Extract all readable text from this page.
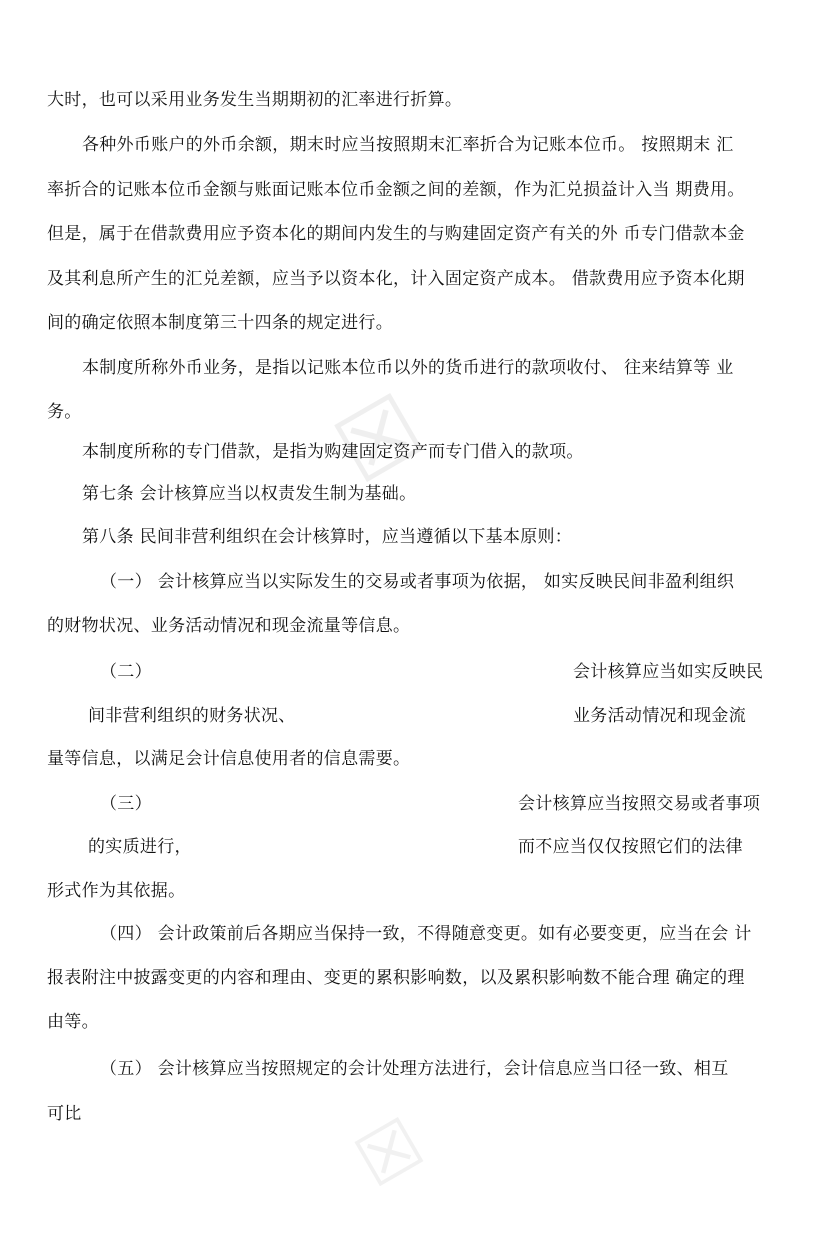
☒
☒
大时，也可以采用业务发生当期期初的汇率进行折算。
各种外币账户的外币余额，期末时应当按照期末汇率折合为记账本位币。 按照期末 汇
率折合的记账本位币金额与账面记账本位币金额之间的差额，作为汇兑损益计入当 期费用。
但是，属于在借款费用应予资本化的期间内发生的与购建固定资产有关的外 币专门借款本金
及其利息所产生的汇兑差额，应当予以资本化，计入固定资产成本。 借款费用应予资本化期
间的确定依照本制度第三十四条的规定进行。
本制度所称外币业务，是指以记账本位币以外的货币进行的款项收付、 往来结算等 业
务。
本制度所称的专门借款，是指为购建固定资产而专门借入的款项。
第七条 会计核算应当以权责发生制为基础。
第八条 民间非营利组织在会计核算时，应当遵循以下基本原则：
（一） 会计核算应当以实际发生的交易或者事项为依据， 如实反映民间非盈利组织
的财物状况、业务活动情况和现金流量等信息。
（二）	会计核算应当如实反映民
间非营利组织的财务状况、	业务活动情况和现金流
量等信息，以满足会计信息使用者的信息需要。
（三）	会计核算应当按照交易或者事项
的实质进行，	而不应当仅仅按照它们的法律
形式作为其依据。
（四） 会计政策前后各期应当保持一致，不得随意变更。如有必要变更，应当在会 计
报表附注中披露变更的内容和理由、变更的累积影响数，以及累积影响数不能合理 确定的理
由等。
（五） 会计核算应当按照规定的会计处理方法进行，会计信息应当口径一致、相互
可比
